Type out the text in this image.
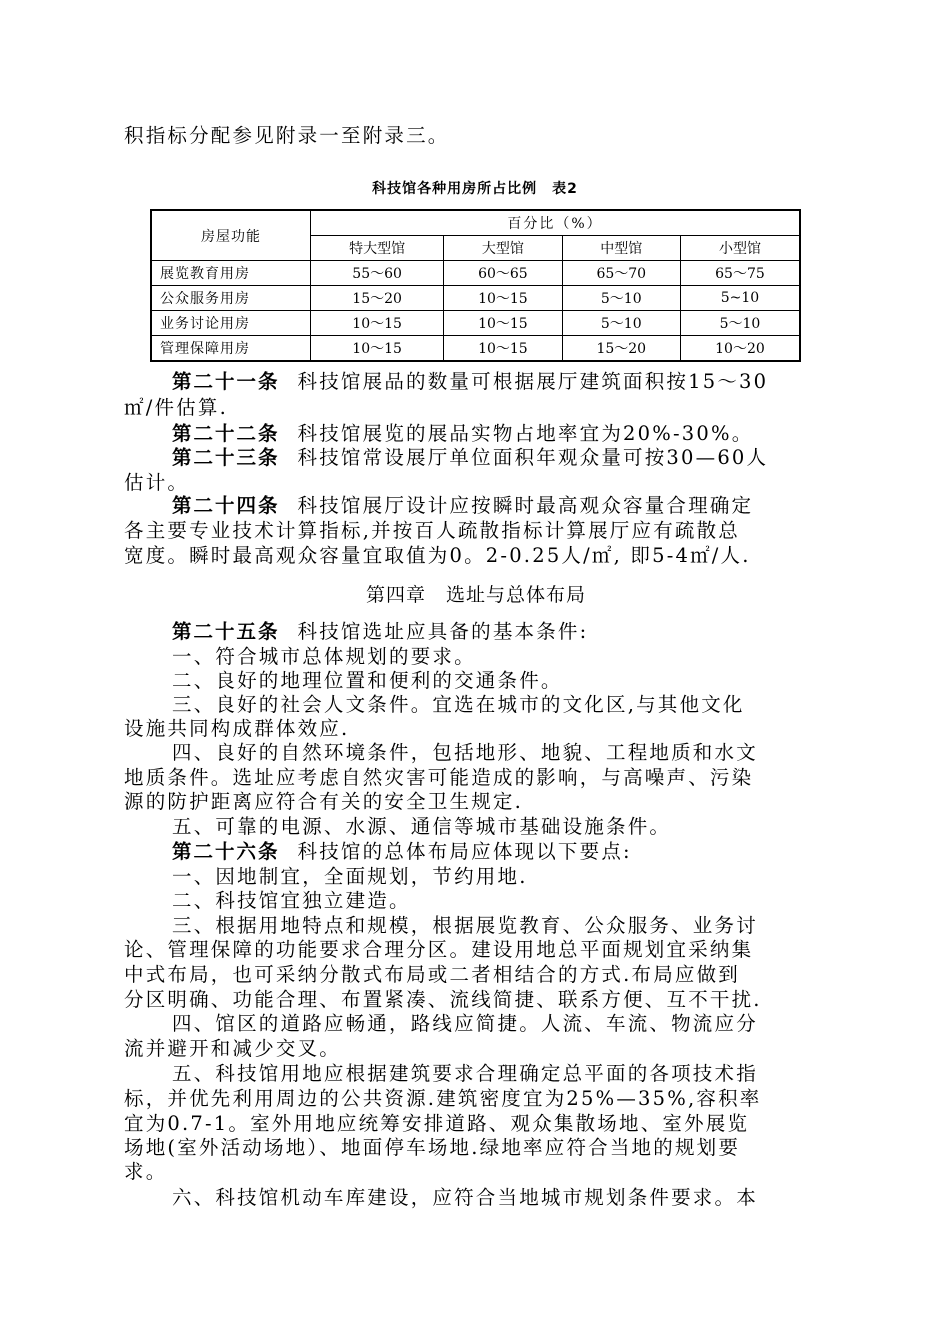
积指标分配参见附录一至附录三。
科技馆各种用房所占比例　表2
房屋功能	百分比（%）			
	特大型馆	大型馆	中型馆	小型馆
展览教育用房	55～60	60～65	65～70	65～75
公众服务用房	15～20	10～15	5～10	5~10
业务讨论用房	10～15	10～15	5～10	5～10
管理保障用房	10～15	10～15	15～20	10～20
第二十一条 科技馆展品的数量可根据展厅建筑面积按15～30
㎡/件估算.
第二十二条 科技馆展览的展品实物占地率宜为20%-30%。
第二十三条 科技馆常设展厅单位面积年观众量可按30—60人
估计。
第二十四条 科技馆展厅设计应按瞬时最高观众容量合理确定
各主要专业技术计算指标,并按百人疏散指标计算展厅应有疏散总
宽度。瞬时最高观众容量宜取值为0。2-0.25人/㎡, 即5-4㎡/人.
第四章　选址与总体布局
第二十五条 科技馆选址应具备的基本条件:
一、符合城市总体规划的要求。
二、良好的地理位置和便利的交通条件。
三、良好的社会人文条件。宜选在城市的文化区,与其他文化
设施共同构成群体效应.
四、良好的自然环境条件，包括地形、地貌、工程地质和水文
地质条件。选址应考虑自然灾害可能造成的影响，与高噪声、污染
源的防护距离应符合有关的安全卫生规定.
五、可靠的电源、水源、通信等城市基础设施条件。
第二十六条 科技馆的总体布局应体现以下要点:
一、因地制宜，全面规划，节约用地.
二、科技馆宜独立建造。
三、根据用地特点和规模，根据展览教育、公众服务、业务讨
论、管理保障的功能要求合理分区。建设用地总平面规划宜采纳集
中式布局，也可采纳分散式布局或二者相结合的方式.布局应做到
分区明确、功能合理、布置紧凑、流线简捷、联系方便、互不干扰.
四、馆区的道路应畅通，路线应简捷。人流、车流、物流应分
流并避开和减少交叉。
五、科技馆用地应根据建筑要求合理确定总平面的各项技术指
标，并优先利用周边的公共资源.建筑密度宜为25%—35%,容积率
宜为0.7-1。室外用地应统筹安排道路、观众集散场地、室外展览
场地(室外活动场地）、地面停车场地.绿地率应符合当地的规划要
求。
六、科技馆机动车库建设，应符合当地城市规划条件要求。本
